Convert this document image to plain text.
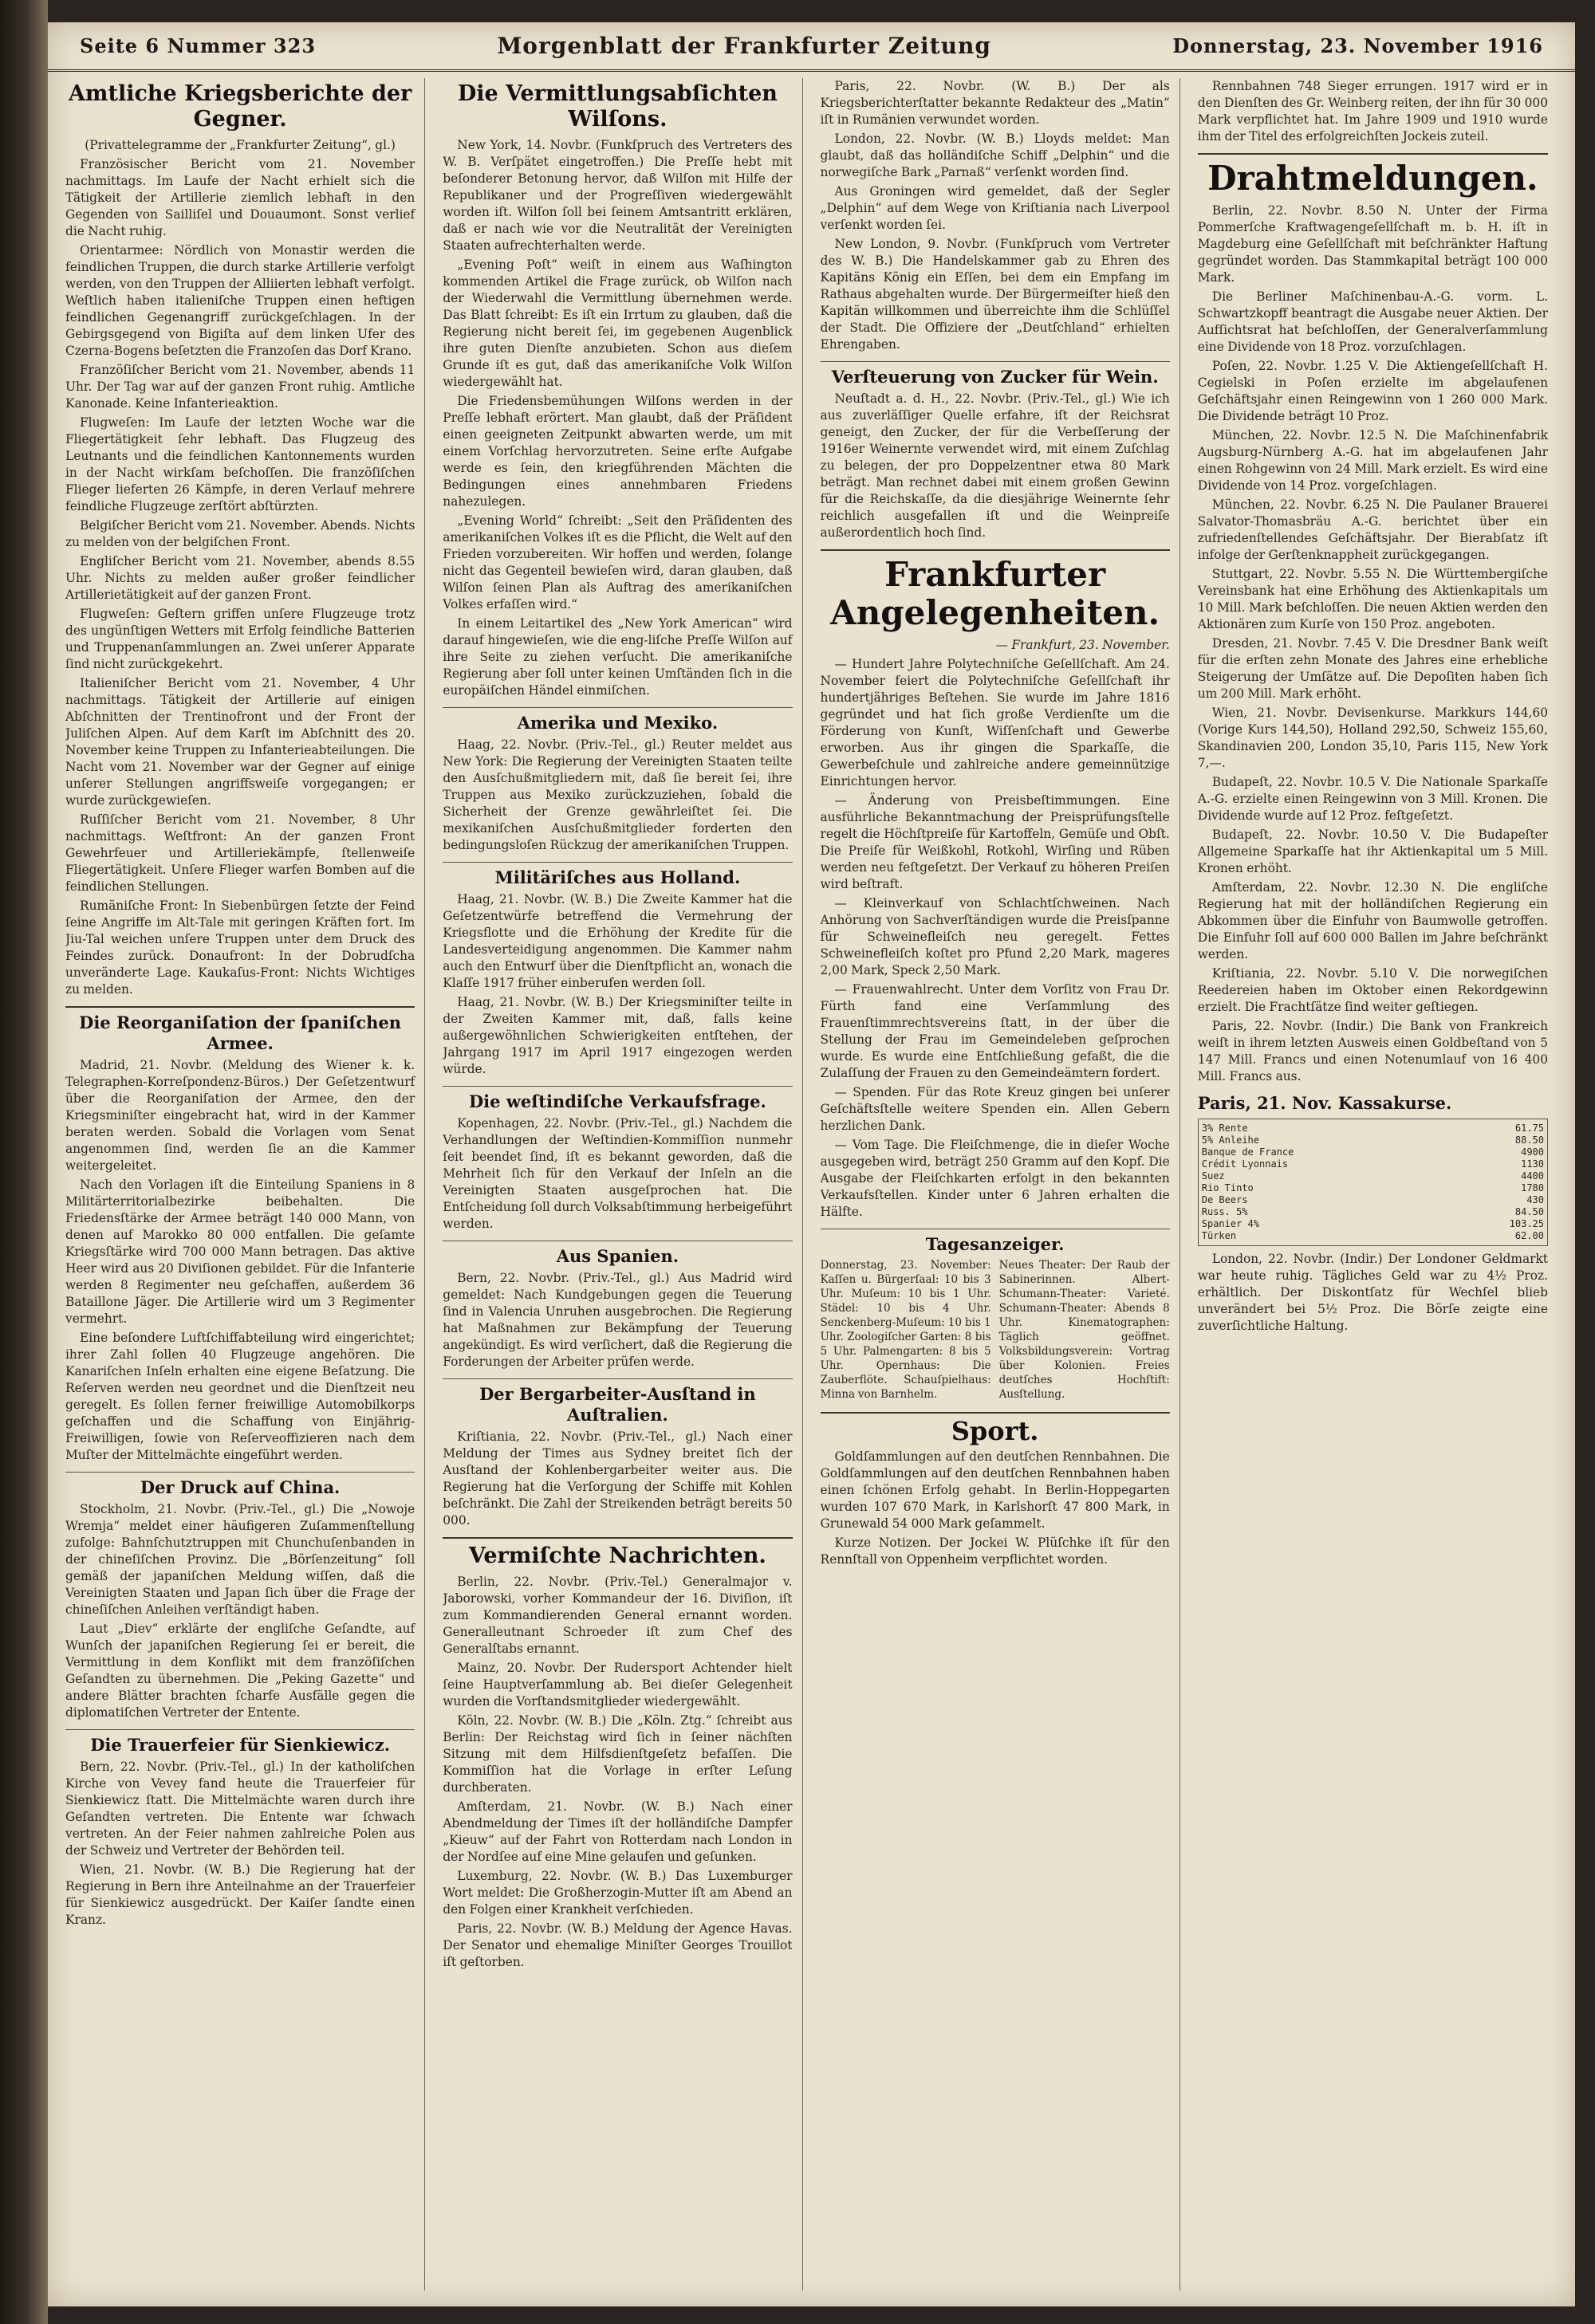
Seite 6 Nummer 323	Morgenblatt der Frankfurter Zeitung	Donnerstag, 23. November 1916
Amtliche Kriegsberichte der Gegner.

(Privattelegramme der „Frankfurter Zeitung“, gl.)

Französischer Bericht vom 21. November nachmittags. Im Laufe der Nacht erhielt sich die Tätigkeit der Artillerie ziemlich lebhaft in den Gegenden von Sailliſel und Douaumont. Sonst verlief die Nacht ruhig.

Orientarmee: Nördlich von Monastir werden die feindlichen Truppen, die durch starke Artillerie verfolgt werden, von den Truppen der Alliierten lebhaft verfolgt. Weſtlich haben italieniſche Truppen einen heftigen feindlichen Gegenangriff zurückgeſchlagen. In der Gebirgsgegend von Bigiſta auf dem linken Ufer des Czerna-Bogens beſetzten die Franzoſen das Dorf Krano.

Franzöſiſcher Bericht vom 21. November, abends 11 Uhr. Der Tag war auf der ganzen Front ruhig. Amtliche Kanonade. Keine Infanterieaktion.

Flugweſen: Im Laufe der letzten Woche war die Fliegertätigkeit ſehr lebhaft. Das Flugzeug des Leutnants und die feindlichen Kantonnements wurden in der Nacht wirkſam beſchoſſen. Die franzöſiſchen Flieger lieferten 26 Kämpfe, in deren Verlauf mehrere feindliche Flugzeuge zerſtört abſtürzten.

Belgiſcher Bericht vom 21. November. Abends. Nichts zu melden von der belgiſchen Front.

Engliſcher Bericht vom 21. November, abends 8.55 Uhr. Nichts zu melden außer großer feindlicher Artillerietätigkeit auf der ganzen Front.

Flugweſen: Geſtern griffen unſere Flugzeuge trotz des ungünſtigen Wetters mit Erfolg feindliche Batterien und Truppenanſammlungen an. Zwei unſerer Apparate ſind nicht zurückgekehrt.

Italieniſcher Bericht vom 21. November, 4 Uhr nachmittags. Tätigkeit der Artillerie auf einigen Abſchnitten der Trentinofront und der Front der Juliſchen Alpen. Auf dem Karſt im Abſchnitt des 20. November keine Truppen zu Infanterieabteilungen. Die Nacht vom 21. November war der Gegner auf einige unſerer Stellungen angriffsweiſe vorgegangen; er wurde zurückgewieſen.

Ruſſiſcher Bericht vom 21. November, 8 Uhr nachmittags. Weſtfront: An der ganzen Front Gewehrfeuer und Artilleriekämpfe, ſtellenweiſe Fliegertätigkeit. Unſere Flieger warfen Bomben auf die feindlichen Stellungen.

Rumäniſche Front: In Siebenbürgen ſetzte der Feind ſeine Angriffe im Alt-Tale mit geringen Kräften fort. Im Jiu-Tal weichen unſere Truppen unter dem Druck des Feindes zurück. Donaufront: In der Dobrudſcha unveränderte Lage. Kaukaſus-Front: Nichts Wichtiges zu melden.

Die Reorganiſation der ſpaniſchen Armee.

Madrid, 21. Novbr. (Meldung des Wiener k. k. Telegraphen-Korreſpondenz-Büros.) Der Geſetzentwurf über die Reorganiſation der Armee, den der Kriegsminiſter eingebracht hat, wird in der Kammer beraten werden. Sobald die Vorlagen vom Senat angenommen ſind, werden ſie an die Kammer weitergeleitet.

Nach den Vorlagen iſt die Einteilung Spaniens in 8 Militärterritorialbezirke beibehalten. Die Friedensſtärke der Armee beträgt 140 000 Mann, von denen auf Marokko 80 000 entfallen. Die geſamte Kriegsſtärke wird 700 000 Mann betragen. Das aktive Heer wird aus 20 Diviſionen gebildet. Für die Infanterie werden 8 Regimenter neu geſchaffen, außerdem 36 Bataillone Jäger. Die Artillerie wird um 3 Regimenter vermehrt.

Eine beſondere Luftſchiffabteilung wird eingerichtet; ihrer Zahl ſollen 40 Flugzeuge angehören. Die Kanariſchen Inſeln erhalten eine eigene Beſatzung. Die Reſerven werden neu geordnet und die Dienſtzeit neu geregelt. Es ſollen ferner freiwillige Automobilkorps geſchaffen und die Schaffung von Einjährig-Freiwilligen, ſowie von Reſerveoffizieren nach dem Muſter der Mittelmächte eingeführt werden.

Der Druck auf China.

Stockholm, 21. Novbr. (Priv.-Tel., gl.) Die „Nowoje Wremja“ meldet einer häufigeren Zuſammenſtellung zufolge: Bahnſchutztruppen mit Chunchuſenbanden in der chineſiſchen Provinz. Die „Börſenzeitung“ ſoll gemäß der japaniſchen Meldung wiſſen, daß die Vereinigten Staaten und Japan ſich über die Frage der chineſiſchen Anleihen verſtändigt haben.

Laut „Diev“ erklärte der engliſche Geſandte, auf Wunſch der japaniſchen Regierung ſei er bereit, die Vermittlung in dem Konflikt mit dem franzöſiſchen Geſandten zu übernehmen. Die „Peking Gazette“ und andere Blätter brachten ſcharfe Ausfälle gegen die diplomatiſchen Vertreter der Entente.

Die Trauerfeier für Sienkiewicz.

Bern, 22. Novbr. (Priv.-Tel., gl.) In der katholiſchen Kirche von Vevey fand heute die Trauerfeier für Sienkiewicz ſtatt. Die Mittelmächte waren durch ihre Geſandten vertreten. Die Entente war ſchwach vertreten. An der Feier nahmen zahlreiche Polen aus der Schweiz und Vertreter der Behörden teil.

Wien, 21. Novbr. (W. B.) Die Regierung hat der Regierung in Bern ihre Anteilnahme an der Trauerfeier für Sienkiewicz ausgedrückt. Der Kaiſer ſandte einen Kranz.

Die Vermittlungsabſichten Wilſons.

New York, 14. Novbr. (Funkſpruch des Vertreters des W. B. Verſpätet eingetroffen.) Die Preſſe hebt mit beſonderer Betonung hervor, daß Wilſon mit Hilfe der Republikaner und der Progreſſiven wiedergewählt worden iſt. Wilſon ſoll bei ſeinem Amtsantritt erklären, daß er nach wie vor die Neutralität der Vereinigten Staaten aufrechterhalten werde.

„Evening Poſt“ weiſt in einem aus Waſhington kommenden Artikel die Frage zurück, ob Wilſon nach der Wiederwahl die Vermittlung übernehmen werde. Das Blatt ſchreibt: Es iſt ein Irrtum zu glauben, daß die Regierung nicht bereit ſei, im gegebenen Augenblick ihre guten Dienſte anzubieten. Schon aus dieſem Grunde iſt es gut, daß das amerikaniſche Volk Wilſon wiedergewählt hat.

Die Friedensbemühungen Wilſons werden in der Preſſe lebhaft erörtert. Man glaubt, daß der Präſident einen geeigneten Zeitpunkt abwarten werde, um mit einem Vorſchlag hervorzutreten. Seine erſte Aufgabe werde es ſein, den kriegführenden Mächten die Bedingungen eines annehmbaren Friedens nahezulegen.

„Evening World“ ſchreibt: „Seit den Präſidenten des amerikaniſchen Volkes iſt es die Pflicht, die Welt auf den Frieden vorzubereiten. Wir hoffen und werden, ſolange nicht das Gegenteil bewieſen wird, daran glauben, daß Wilſon ſeinen Plan als Auftrag des amerikaniſchen Volkes erfaſſen wird.“

In einem Leitartikel des „New York American“ wird darauf hingewieſen, wie die eng-liſche Preſſe Wilſon auf ihre Seite zu ziehen verſucht. Die amerikaniſche Regierung aber ſoll unter keinen Umſtänden ſich in die europäiſchen Händel einmiſchen.

Amerika und Mexiko.

Haag, 22. Novbr. (Priv.-Tel., gl.) Reuter meldet aus New York: Die Regierung der Vereinigten Staaten teilte den Ausſchußmitgliedern mit, daß ſie bereit ſei, ihre Truppen aus Mexiko zurückzuziehen, ſobald die Sicherheit der Grenze gewährleiſtet ſei. Die mexikaniſchen Ausſchußmitglieder forderten den bedingungsloſen Rückzug der amerikaniſchen Truppen.

Militäriſches aus Holland.

Haag, 21. Novbr. (W. B.) Die Zweite Kammer hat die Geſetzentwürfe betreffend die Vermehrung der Kriegsflotte und die Erhöhung der Kredite für die Landesverteidigung angenommen. Die Kammer nahm auch den Entwurf über die Dienſtpflicht an, wonach die Klaſſe 1917 früher einberufen werden ſoll.

Haag, 21. Novbr. (W. B.) Der Kriegsminiſter teilte in der Zweiten Kammer mit, daß, falls keine außergewöhnlichen Schwierigkeiten entſtehen, der Jahrgang 1917 im April 1917 eingezogen werden würde.

Die weſtindiſche Verkaufsfrage.

Kopenhagen, 22. Novbr. (Priv.-Tel., gl.) Nachdem die Verhandlungen der Weſtindien-Kommiſſion nunmehr ſeit beendet ſind, iſt es bekannt geworden, daß die Mehrheit ſich für den Verkauf der Inſeln an die Vereinigten Staaten ausgeſprochen hat. Die Entſcheidung ſoll durch Volksabſtimmung herbeigeführt werden.

Aus Spanien.

Bern, 22. Novbr. (Priv.-Tel., gl.) Aus Madrid wird gemeldet: Nach Kundgebungen gegen die Teuerung ſind in Valencia Unruhen ausgebrochen. Die Regierung hat Maßnahmen zur Bekämpfung der Teuerung angekündigt. Es wird verſichert, daß die Regierung die Forderungen der Arbeiter prüfen werde.

Der Bergarbeiter-Ausſtand in Auſtralien.

Kriſtiania, 22. Novbr. (Priv.-Tel., gl.) Nach einer Meldung der Times aus Sydney breitet ſich der Ausſtand der Kohlenbergarbeiter weiter aus. Die Regierung hat die Verſorgung der Schiffe mit Kohlen beſchränkt. Die Zahl der Streikenden beträgt bereits 50 000.

Vermiſchte Nachrichten.

Berlin, 22. Novbr. (Priv.-Tel.) Generalmajor v. Jaborowski, vorher Kommandeur der 16. Diviſion, iſt zum Kommandierenden General ernannt worden. Generalleutnant Schroeder iſt zum Chef des Generalſtabs ernannt.

Mainz, 20. Novbr. Der Rudersport Achtender hielt ſeine Hauptverſammlung ab. Bei dieſer Gelegenheit wurden die Vorſtandsmitglieder wiedergewählt.

Köln, 22. Novbr. (W. B.) Die „Köln. Ztg.“ ſchreibt aus Berlin: Der Reichstag wird ſich in ſeiner nächſten Sitzung mit dem Hilfsdienſtgeſetz befaſſen. Die Kommiſſion hat die Vorlage in erſter Leſung durchberaten.

Amſterdam, 21. Novbr. (W. B.) Nach einer Abendmeldung der Times iſt der holländiſche Dampfer „Kieuw“ auf der Fahrt von Rotterdam nach London in der Nordſee auf eine Mine gelaufen und geſunken.

Luxemburg, 22. Novbr. (W. B.) Das Luxemburger Wort meldet: Die Großherzogin-Mutter iſt am Abend an den Folgen einer Krankheit verſchieden.

Paris, 22. Novbr. (W. B.) Meldung der Agence Havas. Der Senator und ehemalige Miniſter Georges Trouillot iſt geſtorben.

Paris, 22. Novbr. (W. B.) Der als Kriegsberichterſtatter bekannte Redakteur des „Matin“ iſt in Rumänien verwundet worden.

London, 22. Novbr. (W. B.) Lloyds meldet: Man glaubt, daß das holländiſche Schiff „Delphin“ und die norwegiſche Bark „Parnaß“ verſenkt worden ſind.

Aus Groningen wird gemeldet, daß der Segler „Delphin“ auf dem Wege von Kriſtiania nach Liverpool verſenkt worden ſei.

New London, 9. Novbr. (Funkſpruch vom Vertreter des W. B.) Die Handelskammer gab zu Ehren des Kapitäns König ein Eſſen, bei dem ein Empfang im Rathaus abgehalten wurde. Der Bürgermeiſter hieß den Kapitän willkommen und überreichte ihm die Schlüſſel der Stadt. Die Offiziere der „Deutſchland“ erhielten Ehrengaben.

Verſteuerung von Zucker für Wein.

Neuſtadt a. d. H., 22. Novbr. (Priv.-Tel., gl.) Wie ich aus zuverläſſiger Quelle erfahre, iſt der Reichsrat geneigt, den Zucker, der für die Verbeſſerung der 1916er Weinernte verwendet wird, mit einem Zuſchlag zu belegen, der pro Doppelzentner etwa 80 Mark beträgt. Man rechnet dabei mit einem großen Gewinn für die Reichskaſſe, da die diesjährige Weinernte ſehr reichlich ausgefallen iſt und die Weinpreiſe außerordentlich hoch ſind.

Frankfurter Angelegenheiten.

— Frankfurt, 23. November.

— Hundert Jahre Polytechniſche Geſellſchaft. Am 24. November feiert die Polytechniſche Geſellſchaft ihr hundertjähriges Beſtehen. Sie wurde im Jahre 1816 gegründet und hat ſich große Verdienſte um die Förderung von Kunſt, Wiſſenſchaft und Gewerbe erworben. Aus ihr gingen die Sparkaſſe, die Gewerbeſchule und zahlreiche andere gemeinnützige Einrichtungen hervor.

— Änderung von Preisbeſtimmungen. Eine ausführliche Bekanntmachung der Preisprüfungsſtelle regelt die Höchſtpreiſe für Kartoffeln, Gemüſe und Obſt. Die Preiſe für Weißkohl, Rotkohl, Wirſing und Rüben werden neu feſtgeſetzt. Der Verkauf zu höheren Preiſen wird beſtraft.

— Kleinverkauf von Schlachtſchweinen. Nach Anhörung von Sachverſtändigen wurde die Preisſpanne für Schweinefleiſch neu geregelt. Fettes Schweinefleiſch koſtet pro Pfund 2,20 Mark, mageres 2,00 Mark, Speck 2,50 Mark.

— Frauenwahlrecht. Unter dem Vorſitz von Frau Dr. Fürth fand eine Verſammlung des Frauenſtimmrechtsvereins ſtatt, in der über die Stellung der Frau im Gemeindeleben geſprochen wurde. Es wurde eine Entſchließung gefaßt, die die Zulaſſung der Frauen zu den Gemeindeämtern fordert.

— Spenden. Für das Rote Kreuz gingen bei unſerer Geſchäftsſtelle weitere Spenden ein. Allen Gebern herzlichen Dank.

— Vom Tage. Die Fleiſchmenge, die in dieſer Woche ausgegeben wird, beträgt 250 Gramm auf den Kopf. Die Ausgabe der Fleiſchkarten erfolgt in den bekannten Verkaufsſtellen. Kinder unter 6 Jahren erhalten die Hälfte.

Tagesanzeiger.

Donnerstag, 23. November: Kaſſen u. Bürgerſaal: 10 bis 3 Uhr. Muſeum: 10 bis 1 Uhr. Städel: 10 bis 4 Uhr. Senckenberg-Muſeum: 10 bis 1 Uhr. Zoologiſcher Garten: 8 bis 5 Uhr. Palmengarten: 8 bis 5 Uhr. Opernhaus: Die Zauberflöte. Schauſpielhaus: Minna von Barnhelm.

Neues Theater: Der Raub der Sabinerinnen. Albert-Schumann-Theater: Varieté. Schumann-Theater: Abends 8 Uhr. Kinematographen: Täglich geöffnet. Volksbildungsverein: Vortrag über Kolonien. Freies deutſches Hochſtift: Ausſtellung.

Sport.

Goldſammlungen auf den deutſchen Rennbahnen. Die Goldſammlungen auf den deutſchen Rennbahnen haben einen ſchönen Erfolg gehabt. In Berlin-Hoppegarten wurden 107 670 Mark, in Karlshorſt 47 800 Mark, in Grunewald 54 000 Mark geſammelt.

Kurze Notizen. Der Jockei W. Plüſchke iſt für den Rennſtall von Oppenheim verpflichtet worden.

Rennbahnen 748 Sieger errungen. 1917 wird er in den Dienſten des Gr. Weinberg reiten, der ihn für 30 000 Mark verpflichtet hat. Im Jahre 1909 und 1910 wurde ihm der Titel des erfolgreichſten Jockeis zuteil.

Drahtmeldungen.

Berlin, 22. Novbr. 8.50 N. Unter der Firma Pommerſche Kraftwagengeſellſchaft m. b. H. iſt in Magdeburg eine Geſellſchaft mit beſchränkter Haftung gegründet worden. Das Stammkapital beträgt 100 000 Mark.

Die Berliner Maſchinenbau-A.-G. vorm. L. Schwartzkopff beantragt die Ausgabe neuer Aktien. Der Aufſichtsrat hat beſchloſſen, der Generalverſammlung eine Dividende von 18 Proz. vorzuſchlagen.

Poſen, 22. Novbr. 1.25 V. Die Aktiengeſellſchaft H. Cegielski in Poſen erzielte im abgelaufenen Geſchäftsjahr einen Reingewinn von 1 260 000 Mark. Die Dividende beträgt 10 Proz.

München, 22. Novbr. 12.5 N. Die Maſchinenfabrik Augsburg-Nürnberg A.-G. hat im abgelaufenen Jahr einen Rohgewinn von 24 Mill. Mark erzielt. Es wird eine Dividende von 14 Proz. vorgeſchlagen.

München, 22. Novbr. 6.25 N. Die Paulaner Brauerei Salvator-Thomasbräu A.-G. berichtet über ein zufriedenſtellendes Geſchäftsjahr. Der Bierabſatz iſt infolge der Gerſtenknappheit zurückgegangen.

Stuttgart, 22. Novbr. 5.55 N. Die Württembergiſche Vereinsbank hat eine Erhöhung des Aktienkapitals um 10 Mill. Mark beſchloſſen. Die neuen Aktien werden den Aktionären zum Kurſe von 150 Proz. angeboten.

Dresden, 21. Novbr. 7.45 V. Die Dresdner Bank weiſt für die erſten zehn Monate des Jahres eine erhebliche Steigerung der Umſätze auf. Die Depoſiten haben ſich um 200 Mill. Mark erhöht.

Wien, 21. Novbr. Devisenkurse. Markkurs 144,60 (Vorige Kurs 144,50), Holland 292,50, Schweiz 155,60, Skandinavien 200, London 35,10, Paris 115, New York 7,—.

Budapeſt, 22. Novbr. 10.5 V. Die Nationale Sparkaſſe A.-G. erzielte einen Reingewinn von 3 Mill. Kronen. Die Dividende wurde auf 12 Proz. feſtgeſetzt.

Budapeſt, 22. Novbr. 10.50 V. Die Budapeſter Allgemeine Sparkaſſe hat ihr Aktienkapital um 5 Mill. Kronen erhöht.

Amſterdam, 22. Novbr. 12.30 N. Die engliſche Regierung hat mit der holländiſchen Regierung ein Abkommen über die Einfuhr von Baumwolle getroffen. Die Einfuhr ſoll auf 600 000 Ballen im Jahre beſchränkt werden.

Kriſtiania, 22. Novbr. 5.10 V. Die norwegiſchen Reedereien haben im Oktober einen Rekordgewinn erzielt. Die Frachtſätze ſind weiter geſtiegen.

Paris, 22. Novbr. (Indir.) Die Bank von Frankreich weiſt in ihrem letzten Ausweis einen Goldbeſtand von 5 147 Mill. Francs und einen Notenumlauf von 16 400 Mill. Francs aus.

Paris, 21. Nov. Kassakurse.
3% Rente	61.75
5% Anleihe	88.50
Banque de France	4900
Crédit Lyonnais	1130
Suez	4400
Rio Tinto	1780
De Beers	430
Russ. 5%	84.50
Spanier 4%	103.25
Türken	62.00

London, 22. Novbr. (Indir.) Der Londoner Geldmarkt war heute ruhig. Tägliches Geld war zu 4½ Proz. erhältlich. Der Diskontſatz für Wechſel blieb unverändert bei 5½ Proz. Die Börſe zeigte eine zuverſichtliche Haltung.
